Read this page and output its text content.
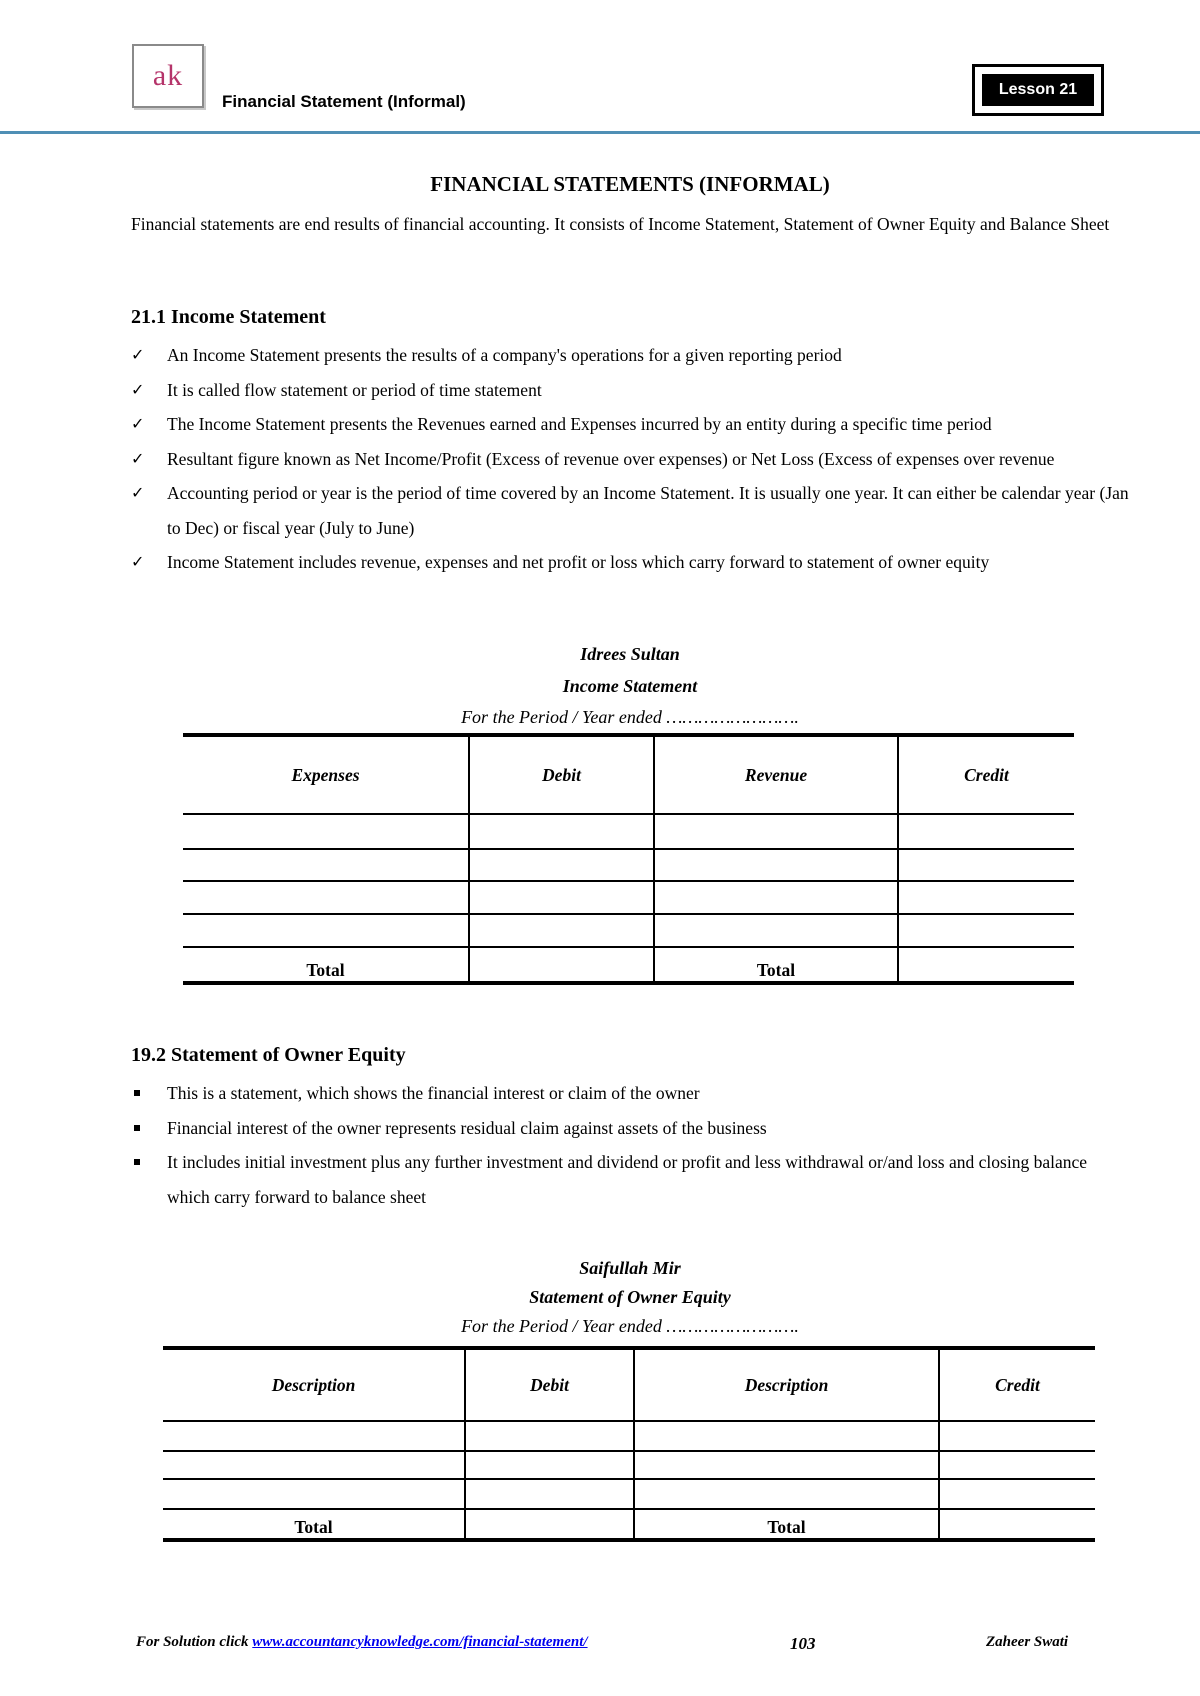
ak
Financial Statement (Informal)
Lesson 21
FINANCIAL STATEMENTS (INFORMAL)
Financial statements are end results of financial accounting. It consists of Income Statement, Statement of Owner Equity and Balance Sheet
21.1 Income Statement
✓ An Income Statement presents the results of a company's operations for a given reporting period
✓ It is called flow statement or period of time statement
✓ The Income Statement presents the Revenues earned and Expenses incurred by an entity during a specific time period
✓ Resultant figure known as Net Income/Profit (Excess of revenue over expenses) or Net Loss (Excess of expenses over revenue
✓ Accounting period or year is the period of time covered by an Income Statement. It is usually one year. It can either be calendar year (Jan to Dec) or fiscal year (July to June)
✓ Income Statement includes revenue, expenses and net profit or loss which carry forward to statement of owner equity
Idrees Sultan
Income Statement
For the Period / Year ended …………………….
Expenses	Debit	Revenue	Credit

Total		Total	
19.2 Statement of Owner Equity
This is a statement, which shows the financial interest or claim of the owner
Financial interest of the owner represents residual claim against assets of the business
It includes initial investment plus any further investment and dividend or profit and less withdrawal or/and loss and closing balance which carry forward to balance sheet
Saifullah Mir
Statement of Owner Equity
For the Period / Year ended …………………….
Description	Debit	Description	Credit

Total		Total	
For Solution click www.accountancyknowledge.com/financial-statement/	103	Zaheer Swati
